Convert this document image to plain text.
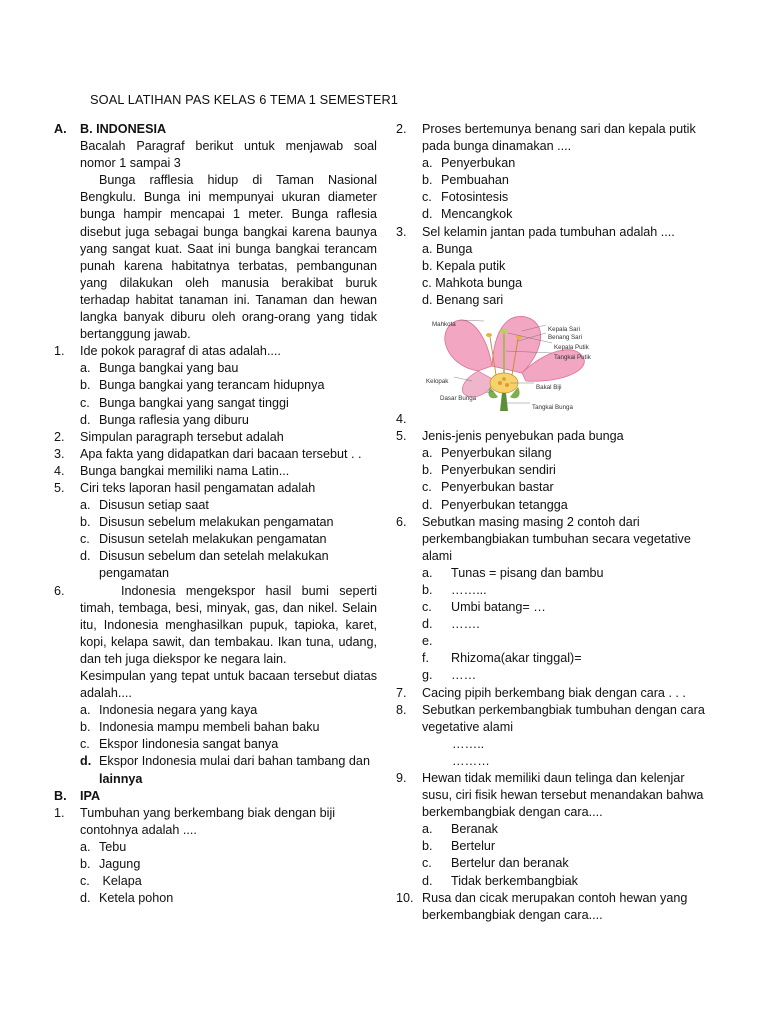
SOAL LATIHAN PAS KELAS 6 TEMA 1 SEMESTER1
A.	B. INDONESIA
Bacalah Paragraf berikut untuk menjawab soal nomor 1 sampai 3
Bunga rafflesia hidup di Taman Nasional Bengkulu. Bunga ini mempunyai ukuran diameter bunga hampir mencapai 1 meter. Bunga raflesia disebut juga sebagai bunga bangkai karena baunya yang sangat kuat. Saat ini bunga bangkai terancam punah karena habitatnya terbatas, pembangunan yang dilakukan oleh manusia berakibat buruk terhadap habitat tanaman ini. Tanaman dan hewan langka banyak diburu oleh orang-orang yang tidak bertanggung jawab.
1.	Ide pokok paragraf di atas adalah....
a. Bunga bangkai yang bau
b. Bunga bangkai yang terancam hidupnya
c. Bunga bangkai yang sangat tinggi
d. Bunga raflesia yang diburu
2.	Simpulan paragraph tersebut adalah
3.	Apa fakta yang didapatkan dari bacaan tersebut . .
4.	Bunga bangkai memiliki nama Latin...
5.	Ciri teks laporan hasil pengamatan adalah
a. Disusun setiap saat
b. Disusun sebelum melakukan pengamatan
c. Disusun setelah melakukan pengamatan
d. Disusun sebelum dan setelah melakukan pengamatan
6.	Indonesia mengekspor hasil bumi seperti timah, tembaga, besi, minyak, gas, dan nikel. Selain itu, Indonesia menghasilkan pupuk, tapioka, karet, kopi, kelapa sawit, dan tembakau. Ikan tuna, udang, dan teh juga diekspor ke negara lain.
Kesimpulan yang tepat untuk bacaan tersebut diatas adalah....
a. Indonesia negara yang kaya
b. Indonesia mampu membeli bahan baku
c. Ekspor Iindonesia sangat banya
d. Ekspor Indonesia mulai dari bahan tambang dan lainnya
B.	IPA
1.	Tumbuhan yang berkembang biak dengan biji contohnya adalah ....
a. Tebu
b. Jagung
c. Kelapa
d. Ketela pohon
2.	Proses bertemunya benang sari dan kepala putik pada bunga dinamakan ....
a. Penyerbukan
b. Pembuahan
c. Fotosintesis
d. Mencangkok
3.	Sel kelamin jantan pada tumbuhan adalah ....
a. Bunga
b. Kepala putik
c. Mahkota bunga
d. Benang sari
Mahkota
Kepala Sari
Benang Sari
Kepala Putik
Tangkai Putik
Kelopak
Bakal Biji
Dasar Bunga
Tangkai Bunga
4.
5.	Jenis-jenis penyebukan pada bunga
a. Penyerbukan silang
b. Penyerbukan sendiri
c. Penyerbukan bastar
d. Penyerbukan tetangga
6.	Sebutkan masing masing 2 contoh dari perkembangbiakan tumbuhan secara vegetative alami
a.	Tunas = pisang dan bambu
b.	……...
c.	Umbi batang= …
d.	…….
e.
f.	Rhizoma(akar tinggal)=
g.	……
7.	Cacing pipih berkembang biak dengan cara . . .
8.	Sebutkan perkembangbiak tumbuhan dengan cara vegetative alami
……..
………
9.	Hewan tidak memiliki daun telinga dan kelenjar susu, ciri fisik hewan tersebut menandakan bahwa berkembangbiak dengan cara....
a.	Beranak
b.	Bertelur
c.	Bertelur dan beranak
d.	Tidak berkembangbiak
10. Rusa dan cicak merupakan contoh hewan yang berkembangbiak dengan cara....
